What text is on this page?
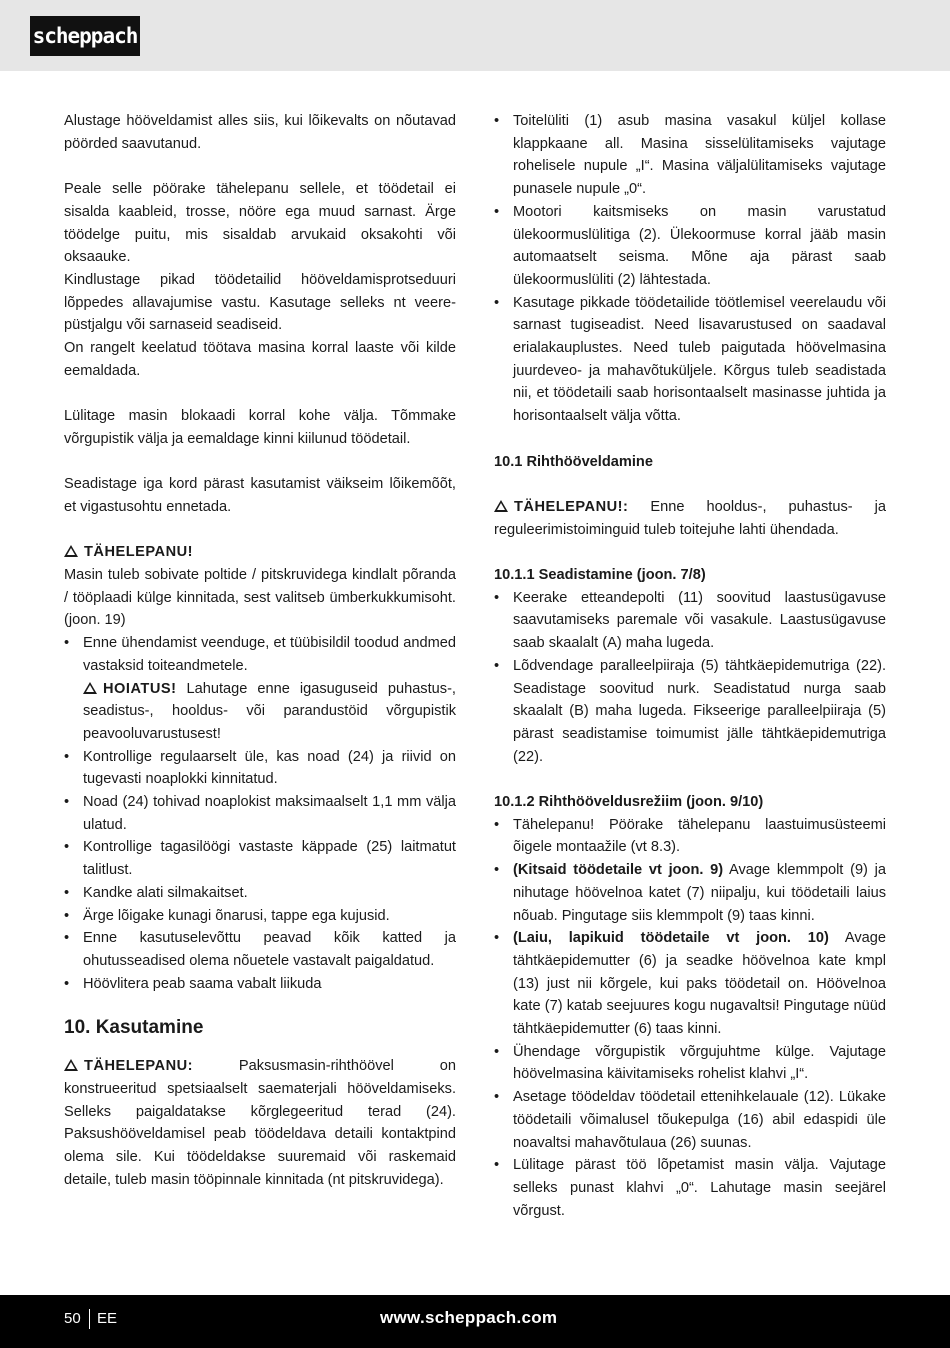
scheppach

Alustage hööveldamist alles siis, kui lõikevalts on nõutavad pöörded saavutanud.

Peale selle pöörake tähelepanu sellele, et töödetail ei sisalda kaableid, trosse, nööre ega muud sarnast. Ärge töödelge puitu, mis sisaldab arvukaid oksakohti või oksaauke.

Kindlustage pikad töödetailid hööveldamisprotseduuri lõppedes allavajumise vastu. Kasutage selleks nt veere-püstjalgu või sarnaseid seadiseid.

On rangelt keelatud töötava masina korral laaste või kilde eemaldada.

Lülitage masin blokaadi korral kohe välja. Tõmmake võrgupistik välja ja eemaldage kinni kiilunud töödetail.

Seadistage iga kord pärast kasutamist väikseim lõikemõõt, et vigastusohtu ennetada.

TÄHELEPANU!

Masin tuleb sobivate poltide / pitskruvidega kindlalt põranda / tööplaadi külge kinnitada, sest valitseb ümberkukkumisoht. (joon. 19)

• Enne ühendamist veenduge, et tüübisildil toodud andmed vastaksid toiteandmetele.
HOIATUS! Lahutage enne igasuguseid puhastus-, seadistus-, hooldus- või parandustöid võrgupistik peavooluvarustusest!
• Kontrollige regulaarselt üle, kas noad (24) ja riivid on tugevasti noaplokki kinnitatud.
• Noad (24) tohivad noaplokist maksimaalselt 1,1 mm välja ulatud.
• Kontrollige tagasilöögi vastaste käppade (25) laitmatut talitlust.
• Kandke alati silmakaitset.
• Ärge lõigake kunagi õnarusi, tappe ega kujusid.
• Enne kasutuselevõttu peavad kõik katted ja ohutusseadised olema nõuetele vastavalt paigaldatud.
• Höövlitera peab saama vabalt liikuda
10. Kasutamine

TÄHELEPANU:	Paksusmasin-rihthöövel on konstrueeritud spetsiaalselt saematerjali hööveldamiseks. Selleks paigaldatakse kõrglegeeritud terad (24). Paksushööveldamisel peab töödeldava detaili kontaktpind olema sile. Kui töödeldakse suuremaid või raskemaid detaile, tuleb masin tööpinnale kinnitada (nt pitskruvidega).

• Toitelüliti (1) asub masina vasakul küljel kollase klappkaane all. Masina sisselülitamiseks vajutage rohelisele nupule „I“. Masina väljalülitamiseks vajutage punasele nupule „0“.
• Mootori kaitsmiseks on masin varustatud ülekoormuslülitiga (2). Ülekoormuse korral jääb masin automaatselt seisma. Mõne aja pärast saab ülekoormuslüliti (2) lähtestada.
• Kasutage pikkade töödetailide töötlemisel veerelaudu või sarnast tugiseadist. Need lisavarustused on saadaval erialakauplustes. Need tuleb paigutada höövelmasina juurdeveo- ja mahavõtuküljele. Kõrgus tuleb seadistada nii, et töödetaili saab horisontaalselt masinasse juhtida ja horisontaalselt välja võtta.
10.1 Rihthööveldamine

TÄHELEPANU!: Enne hooldus-, puhastus- ja reguleerimistoiminguid tuleb toitejuhe lahti ühendada.

10.1.1 Seadistamine (joon. 7/8)
• Keerake etteandepolti (11) soovitud laastusügavuse saavutamiseks paremale või vasakule. Laastusügavuse saab skaalalt (A) maha lugeda.
• Lõdvendage paralleelpiiraja (5) tähtkäepidemutriga (22). Seadistage soovitud nurk. Seadistatud nurga saab skaalalt (B) maha lugeda. Fikseerige paralleelpiiraja (5) pärast seadistamise toimumist jälle tähtkäepidemutriga (22).
10.1.2 Rihthööveldusrežiim (joon. 9/10)
• Tähelepanu! Pöörake tähelepanu laastuimusüsteemi õigele montaažile (vt 8.3).
• (Kitsaid töödetaile vt joon. 9) Avage klemmpolt (9) ja nihutage höövelnoa katet (7) niipalju, kui töödetaili laius nõuab. Pingutage siis klemmpolt (9) taas kinni.
• (Laiu, lapikuid töödetaile vt joon. 10) Avage tähtkäepidemutter (6) ja seadke höövelnoa kate kmpl (13) just nii kõrgele, kui paks töödetail on. Höövelnoa kate (7) katab seejuures kogu nugavaltsi! Pingutage nüüd tähtkäepidemutter (6) taas kinni.
• Ühendage võrgupistik võrgujuhtme külge. Vajutage höövelmasina käivitamiseks rohelist klahvi „I“.
• Asetage töödeldav töödetail ettenihkelauale (12). Lükake töödetaili võimalusel tõukepulga (16) abil edaspidi üle noavaltsi mahavõtulaua (26) suunas.
• Lülitage pärast töö lõpetamist masin välja. Vajutage selleks punast klahvi „0“. Lahutage masin seejärel võrgust.
50 EE	www.scheppach.com
